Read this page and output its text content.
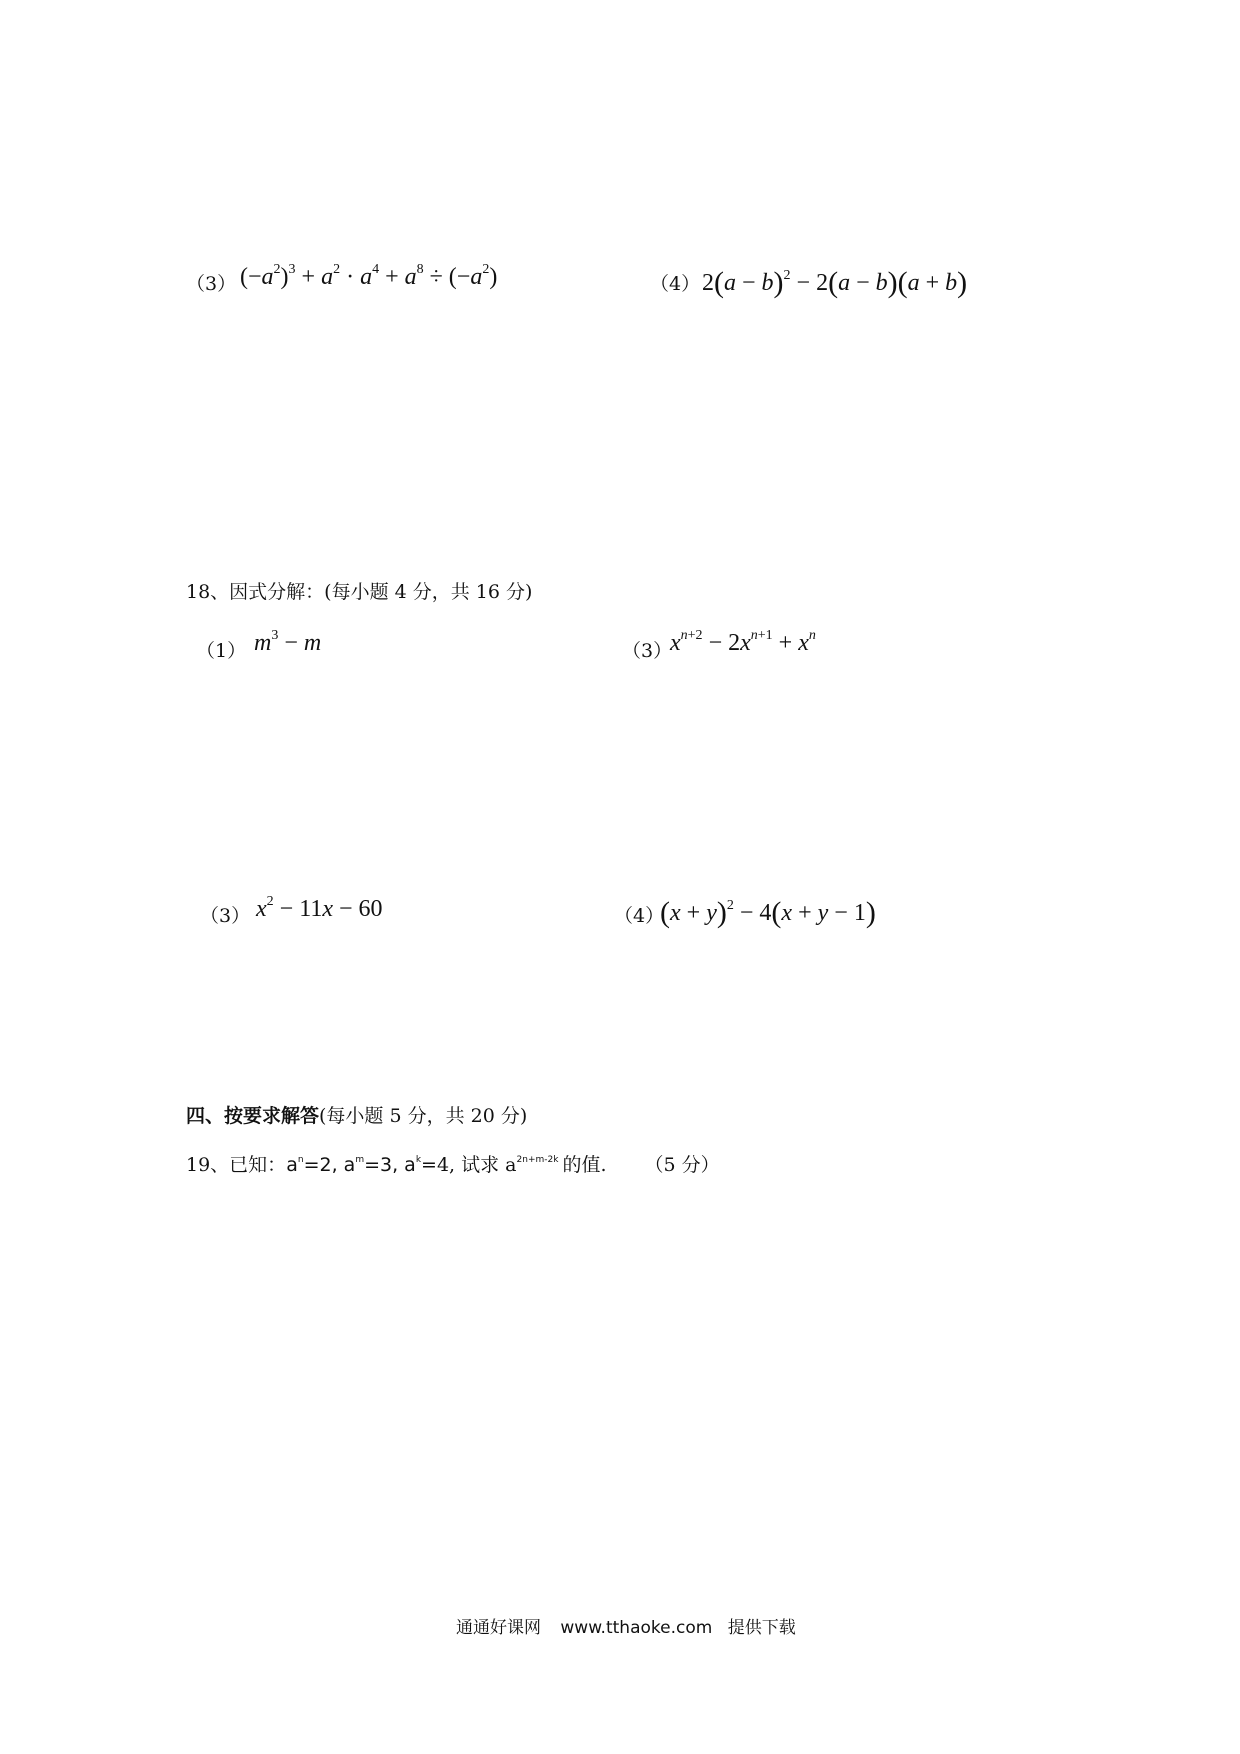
（3） $(-a^2)^3 + a^2 \cdot a^4 + a^8 \div (-a^2)$	（4） $2(a - b)^2 - 2(a - b)(a + b)$
18、因式分解：(每小题 4 分，共 16 分)
（1） $m^3 - m$	（3）
$x^{n+2} - 2x^{n+1} + x^n$
（3） $x^2 - 11x - 60$	（4）
$(x + y)^2 - 4(x + y - 1)$
四、按要求解答(每小题 5 分，共 20 分)
19、已知：$a^n=2$, $a^m=3$, $a^k=4$, 试求 $a^{2n+m-2k}$ 的值. （5 分）
通通好课网 www.tthaoke.com 提供下载
